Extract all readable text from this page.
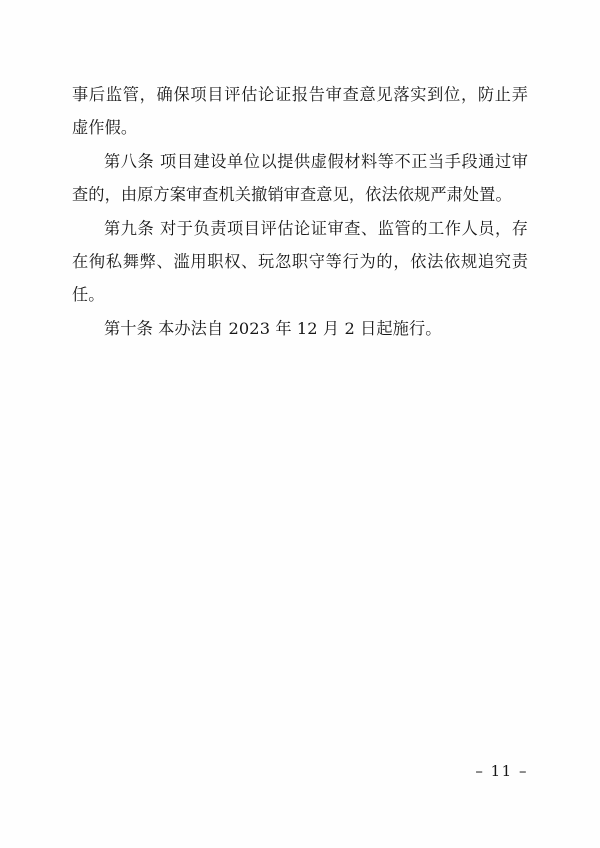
事后监管，确保项目评估论证报告审查意见落实到位，防止弄虚作假。

第八条 项目建设单位以提供虚假材料等不正当手段通过审查的，由原方案审查机关撤销审查意见，依法依规严肃处置。

第九条 对于负责项目评估论证审查、监管的工作人员，存在徇私舞弊、滥用职权、玩忽职守等行为的，依法依规追究责任。

第十条 本办法自 2023 年 12 月 2 日起施行。

– 11 –
